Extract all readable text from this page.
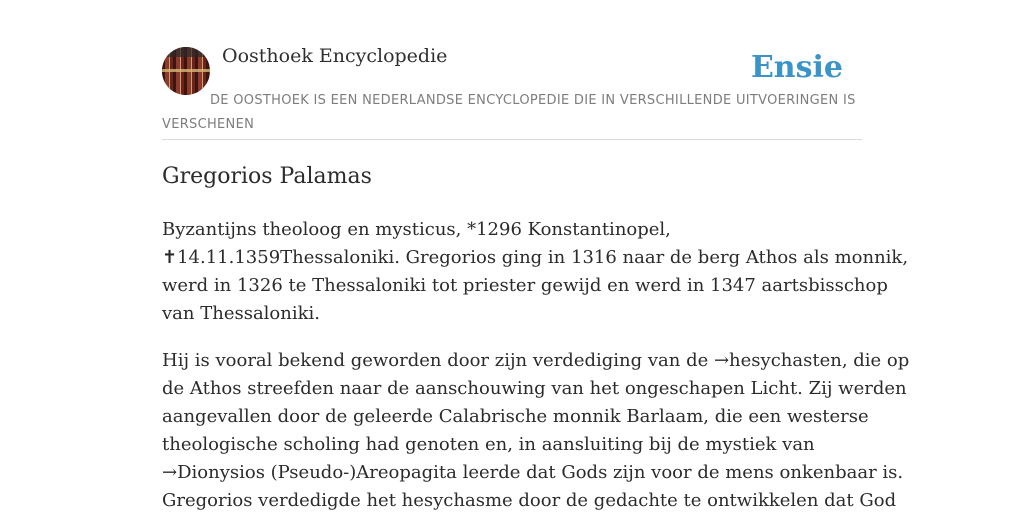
Oosthoek Encyclopedie	Ensie
DE OOSTHOEK IS EEN NEDERLANDSE ENCYCLOPEDIE DIE IN VERSCHILLENDE UITVOERINGEN IS VERSCHENEN
Gregorios Palamas

Byzantijns theoloog en mysticus, *1296 Konstantinopel,
✝14.11.1359Thessaloniki. Gregorios ging in 1316 naar de berg Athos als monnik,
werd in 1326 te Thessaloniki tot priester gewijd en werd in 1347 aartsbisschop
van Thessaloniki.

Hij is vooral bekend geworden door zijn verdediging van de →hesychasten, die op
de Athos streefden naar de aanschouwing van het ongeschapen Licht. Zij werden
aangevallen door de geleerde Calabrische monnik Barlaam, die een westerse
theologische scholing had genoten en, in aansluiting bij de mystiek van
→Dionysios (Pseudo-)Areopagita leerde dat Gods zijn voor de mens onkenbaar is.
Gregorios verdedigde het hesychasme door de gedachte te ontwikkelen dat God
